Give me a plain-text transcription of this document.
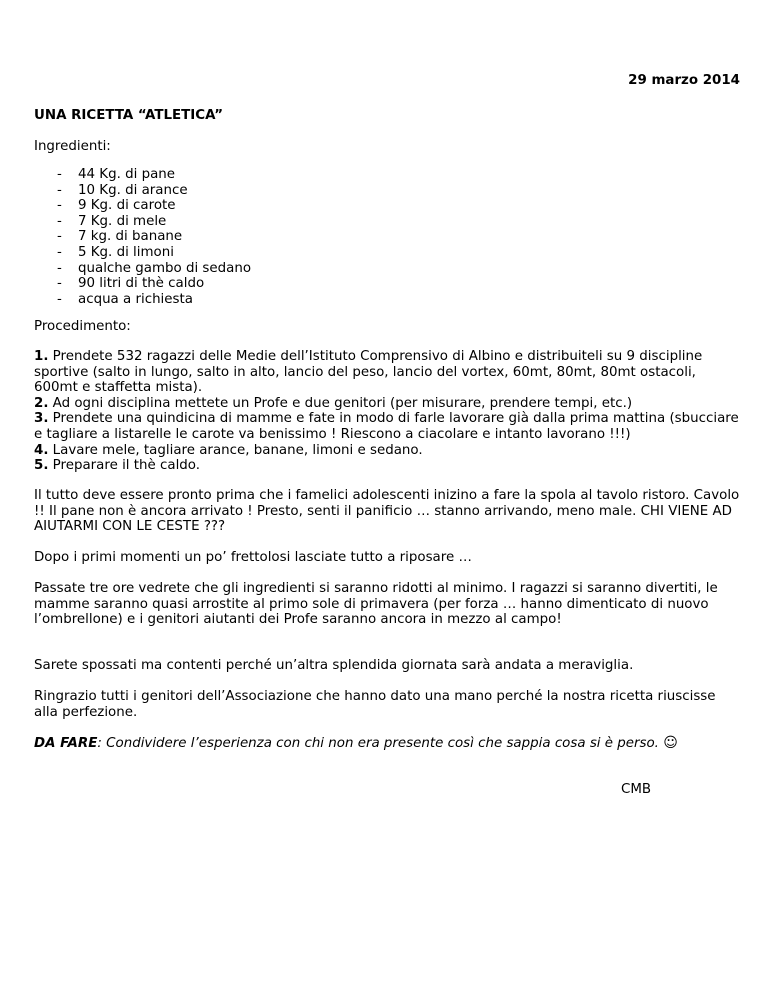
29 marzo 2014
UNA RICETTA “ATLETICA”
Ingredienti:
- 44 Kg. di pane
- 10 Kg. di arance
- 9 Kg. di carote
- 7 Kg. di mele
- 7 kg. di banane
- 5 Kg. di limoni
- qualche gambo di sedano
- 90 litri di thè caldo
- acqua a richiesta
Procedimento:

1. Prendete 532 ragazzi delle Medie dell’Istituto Comprensivo di Albino e distribuiteli su 9 discipline sportive (salto in lungo, salto in alto, lancio del peso, lancio del vortex, 60mt, 80mt, 80mt ostacoli, 600mt e staffetta mista).

2. Ad ogni disciplina mettete un Profe e due genitori (per misurare, prendere tempi, etc.)

3. Prendete una quindicina di mamme e fate in modo di farle lavorare già dalla prima mattina (sbucciare e tagliare a listarelle le carote va benissimo ! Riescono a ciacolare e intanto lavorano !!!)

4. Lavare mele, tagliare arance, banane, limoni e sedano.

5. Preparare il thè caldo.

Il tutto deve essere pronto prima che i famelici adolescenti inizino a fare la spola al tavolo ristoro. Cavolo !! Il pane non è ancora arrivato ! Presto, senti il panificio … stanno arrivando, meno male. CHI VIENE AD AIUTARMI CON LE CESTE ???

Dopo i primi momenti un po’ frettolosi lasciate tutto a riposare …

Passate tre ore vedrete che gli ingredienti si saranno ridotti al minimo. I ragazzi si saranno divertiti, le mamme saranno quasi arrostite al primo sole di primavera (per forza … hanno dimenticato di nuovo l’ombrellone) e i genitori aiutanti dei Profe saranno ancora in mezzo al campo!

Sarete spossati ma contenti perché un’altra splendida giornata sarà andata a meraviglia.

Ringrazio tutti i genitori dell’Associazione che hanno dato una mano perché la nostra ricetta riuscisse alla perfezione.

DA FARE: Condividere l’esperienza con chi non era presente così che sappia cosa si è perso. ☺

CMB
